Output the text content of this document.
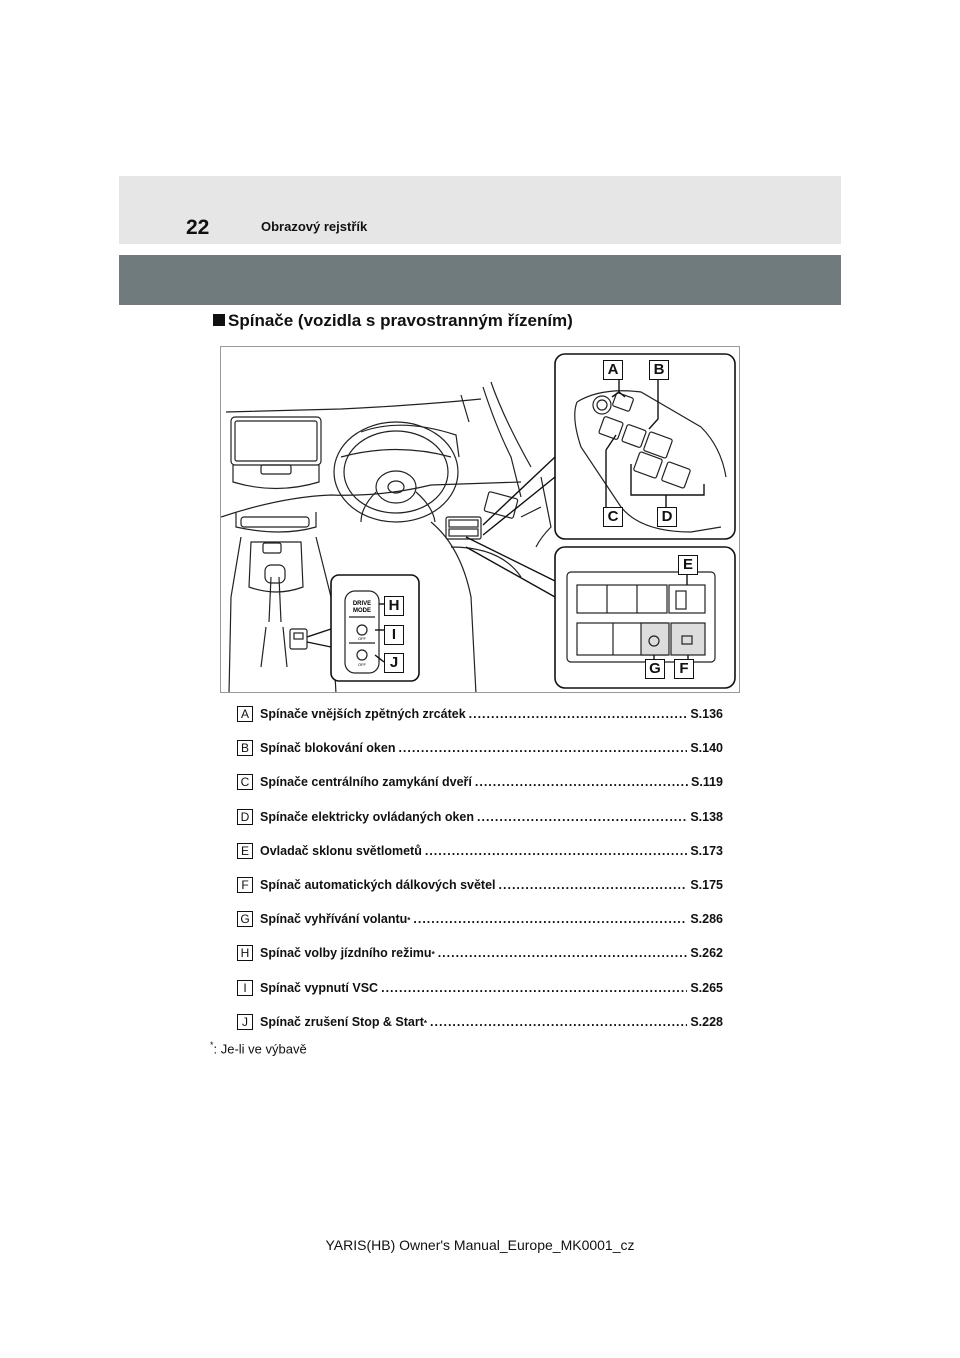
22	Obrazový rejstřík
Spínače (vozidla s pravostranným řízením)
DRIVE
MODE
OFF
OFF
A	B
C	D
E
F
G
H
I
J
A Spínače vnějších zpětných zrcátek .....	S.136
B Spínač blokování oken .....	S.140
C Spínače centrálního zamykání dveří .....	S.119
D Spínače elektricky ovládaných oken .....	S.138
E Ovladač sklonu světlometů .....	S.173
F Spínač automatických dálkových světel .....	S.175
G Spínač vyhřívání volantu * .....	S.286
H Spínač volby jízdního režimu * .....	S.262
I	Spínač vypnutí VSC .....	S.265
J Spínač zrušení Stop & Start * .....	S.228
*: Je-li ve výbavě
YARIS(HB) Owner's Manual_Europe_MK0001_cz
